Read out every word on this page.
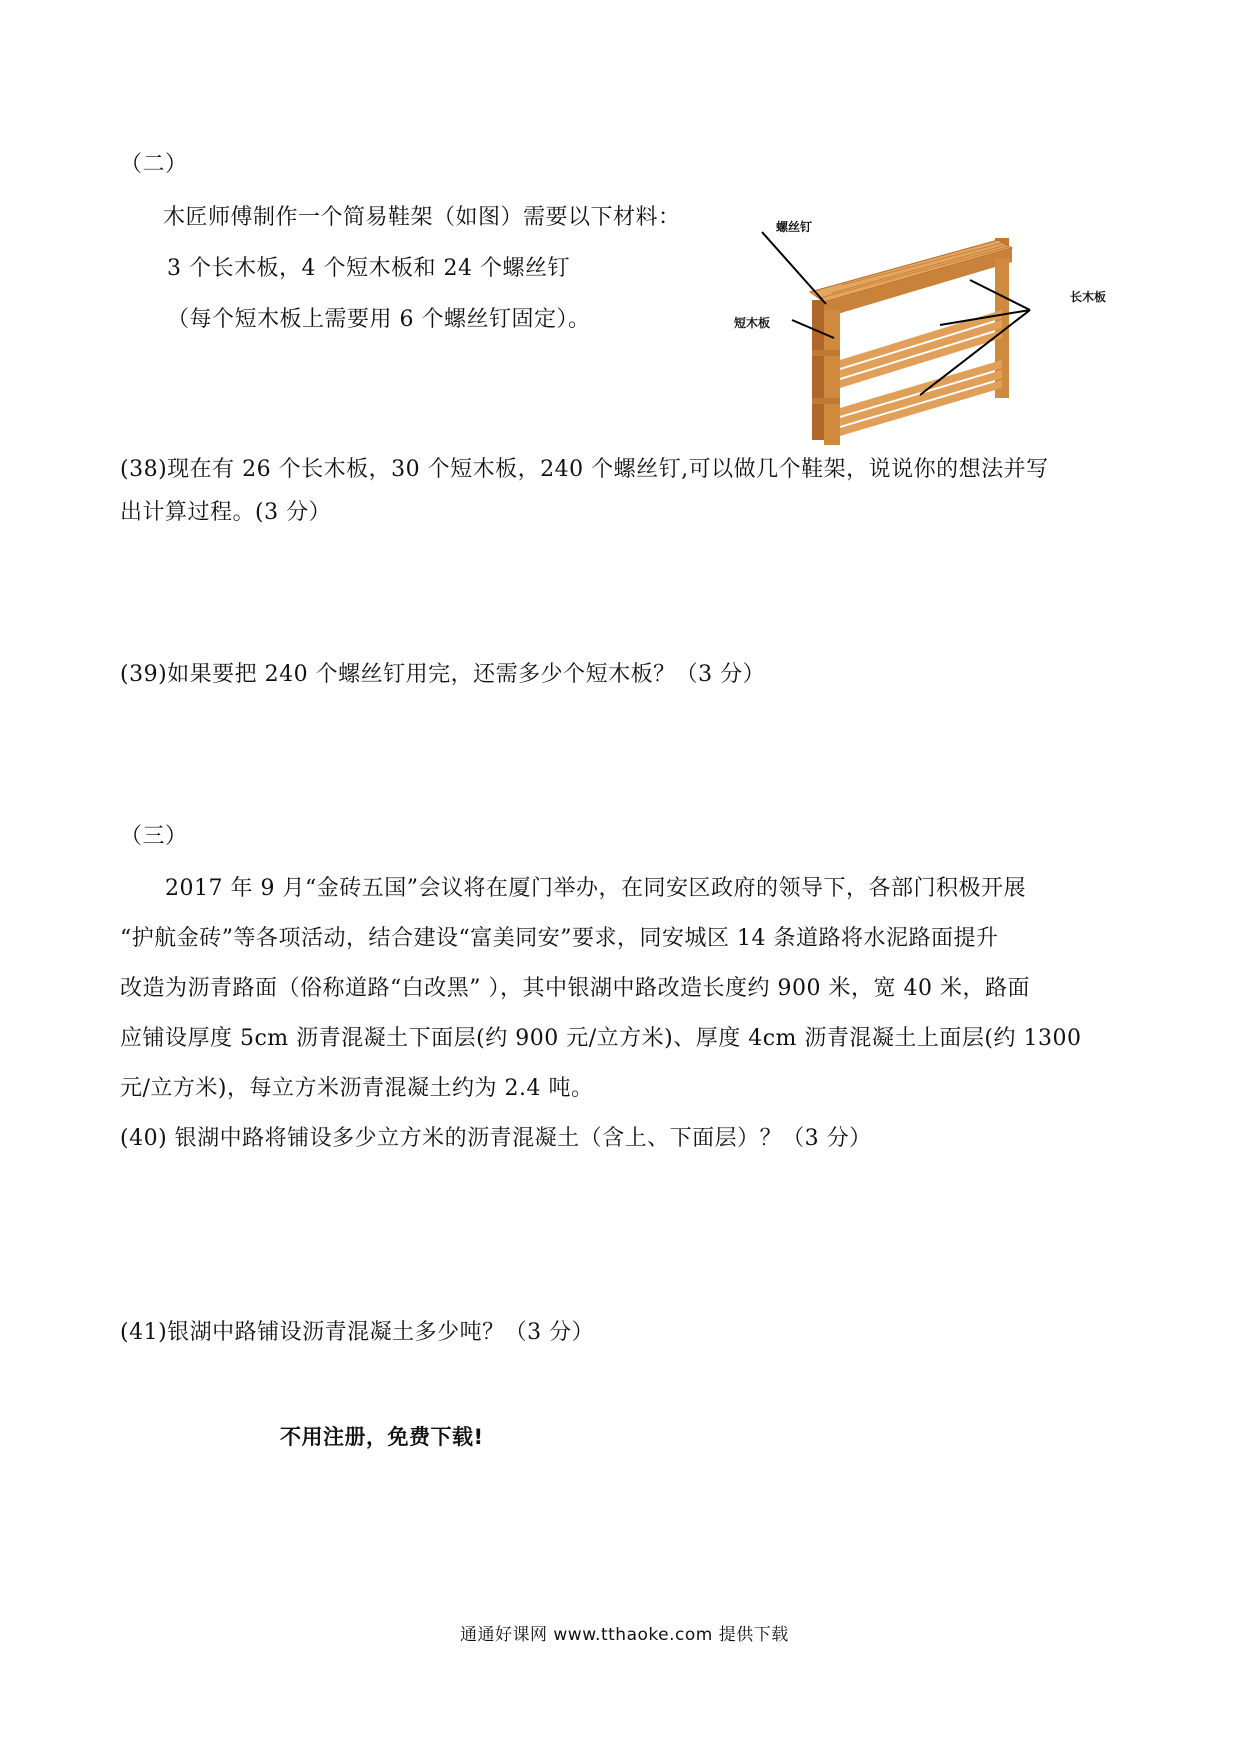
（二）
木匠师傅制作一个简易鞋架（如图）需要以下材料：
3 个长木板，4 个短木板和 24 个螺丝钉
（每个短木板上需要用 6 个螺丝钉固定）。
螺丝钉
短木板
长木板
(38)现在有 26 个长木板，30 个短木板，240 个螺丝钉,可以做几个鞋架，说说你的想法并写
出计算过程。(3 分）
(39)如果要把 240 个螺丝钉用完，还需多少个短木板？（3 分）
（三）
2017 年 9 月“金砖五国”会议将在厦门举办，在同安区政府的领导下，各部门积极开展
“护航金砖”等各项活动，结合建设“富美同安”要求，同安城区 14 条道路将水泥路面提升
改造为沥青路面（俗称道路“白改黑” ），其中银湖中路改造长度约 900 米，宽 40 米，路面
应铺设厚度 5cm 沥青混凝土下面层(约 900 元/立方米)、厚度 4cm 沥青混凝土上面层(约 1300
元/立方米)，每立方米沥青混凝土约为 2.4 吨。
(40) 银湖中路将铺设多少立方米的沥青混凝土（含上、下面层）？（3 分）
(41)银湖中路铺设沥青混凝土多少吨？（3 分）
不用注册，免费下载!
通通好课网 www.tthaoke.com 提供下载
